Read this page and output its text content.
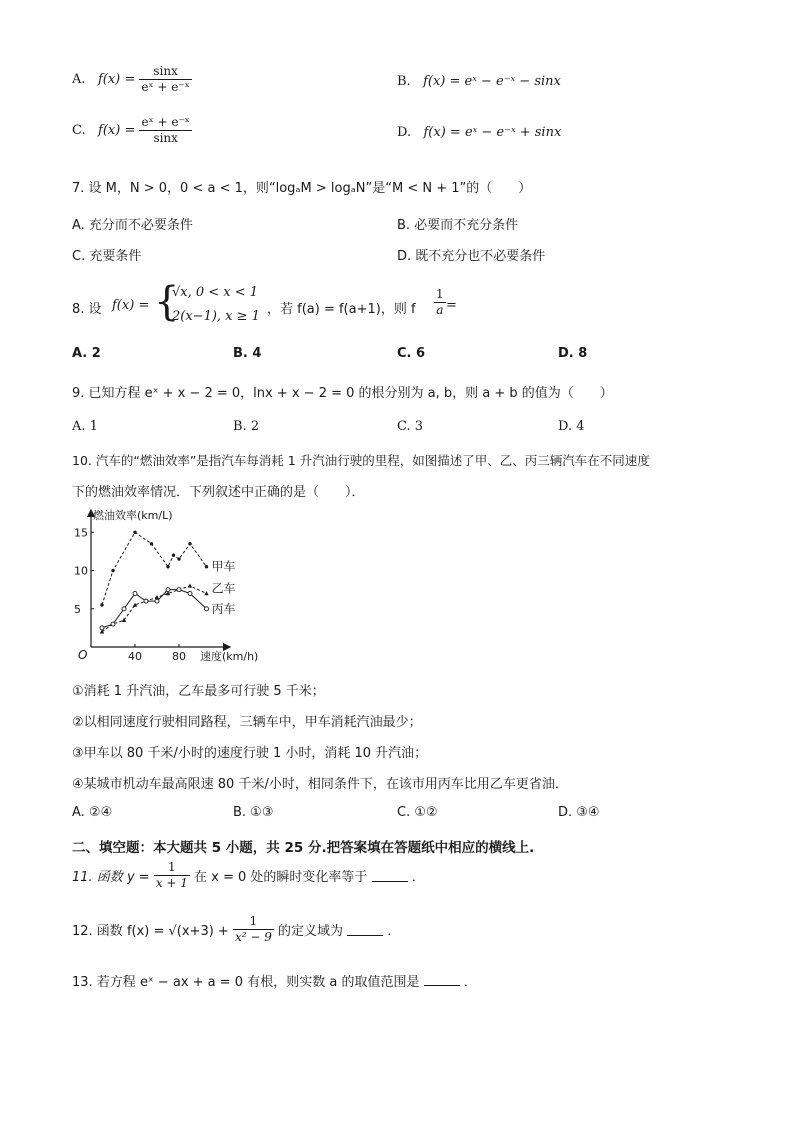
A. $f(x) = \frac{\sin x}{\text{eˣ + e⁻ˣ}}$	B. f(x) = eˣ − e⁻ˣ − sinx
C. $f(x) = \frac{\text{eˣ + e⁻ˣ}}{\sin x}$	D. f(x) = eˣ − e⁻ˣ + sinx
7. 设 M，N > 0，0 < a < 1，则“logₐM > logₐN”是“M < N + 1”的（　　）
A. 充分而不必要条件	B. 必要而不充分条件
C. 充要条件	D. 既不充分也不必要条件
8. 设 f(x) = {
√x, 0 < x < 1
2(x−1), x ≥ 1 ，若 f(a) = f(a+1)，则 f $\frac{1}{a}$ =
A. 2	B. 4	C. 6	D. 8
9. 已知方程 eˣ + x − 2 = 0，lnx + x − 2 = 0 的根分别为 a, b，则 a + b 的值为（　　）
A. 1	B. 2	C. 3	D. 4
10. 汽车的“燃油效率”是指汽车每消耗 1 升汽油行驶的里程，如图描述了甲、乙、丙三辆汽车在不同速度
下的燃油效率情况．下列叙述中正确的是（　　）．
燃油效率(km/L)
速度(km/h)
O	40	80
5
10
15
甲车
乙车
丙车
①消耗 1 升汽油，乙车最多可行驶 5 千米；
②以相同速度行驶相同路程，三辆车中，甲车消耗汽油最少；
③甲车以 80 千米/小时的速度行驶 1 小时，消耗 10 升汽油；
④某城市机动车最高限速 80 千米/小时，相同条件下，在该市用丙车比用乙车更省油．
A. ②④	B. ①③	C. ①②	D. ③④
二、填空题：本大题共 5 小题，共 25 分.把答案填在答题纸中相应的横线上.
11. 函数 $y = \frac{1}{x + 1}$ 在 x = 0 处的瞬时变化率等于	．
12. 函数 $f(x) = √(x+3) + \frac{1}{\text{x² − 9}}$ 的定义域为	．
13. 若方程 eˣ − ax + a = 0 有根，则实数 a 的取值范围是	．
